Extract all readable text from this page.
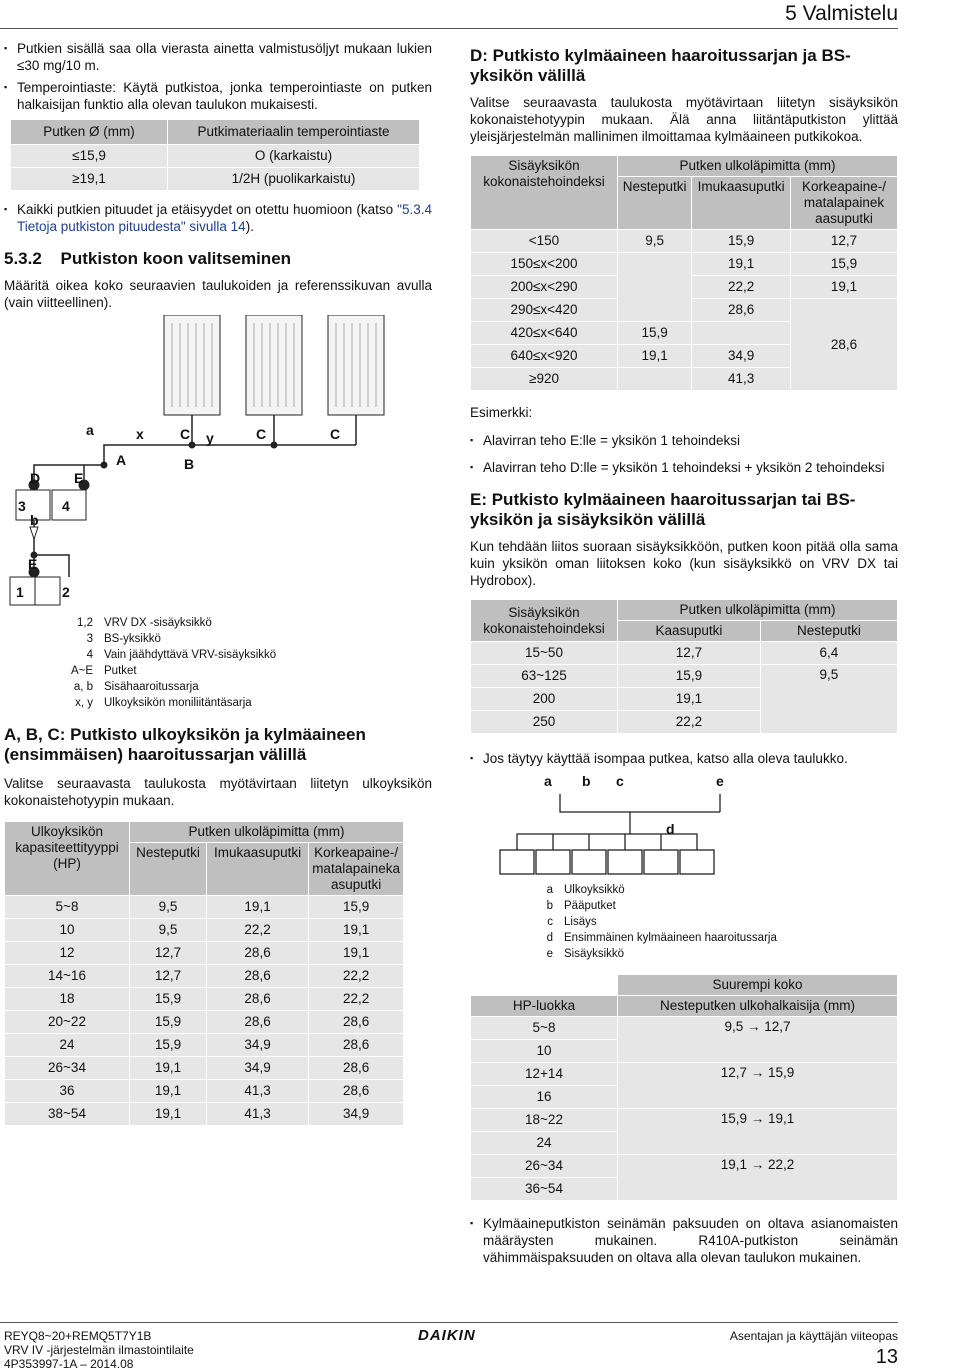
5 Valmistelu
▪ Putkien sisällä saa olla vierasta ainetta valmistusöljyt mukaan lukien ≤30 mg/10 m.
▪ Temperointiaste: Käytä putkistoa, jonka temperointiaste on putken halkaisijan funktio alla olevan taulukon mukaisesti.
Putken Ø (mm)	Putkimateriaalin temperointiaste
≤15,9	O (karkaistu)
≥19,1	1/2H (puolikarkaistu)
▪ Kaikki putkien pituudet ja etäisyydet on otettu huomioon (katso "5.3.4 Tietoja putkiston pituudesta" sivulla 14).
5.3.2 Putkiston koon valitseminen

Määritä oikea koko seuraavien taulukoiden ja referenssikuvan avulla (vain viitteellinen).

a	x	y
C	C	C
A	B
D E
3	4
b
E
1	2
1,2	VRV DX -sisäyksikkö
3	BS-yksikkö
4	Vain jäähdyttävä VRV-sisäyksikkö
A~E	Putket
a, b	Sisähaaroitussarja
x, y	Ulkoyksikön moniliitäntäsarja
A, B, C: Putkisto ulkoyksikön ja kylmäaineen (ensimmäisen) haaroitussarjan välillä

Valitse seuraavasta taulukosta myötävirtaan liitetyn ulkoyksikön kokonaistehotyypin mukaan.

Ulkoyksikön kapasiteettityyppi (HP)	Putken ulkoläpimitta (mm)		
	Nesteputki	Imukaasuputki	Korkeapaine-/ matalapaineka asuputki
5~8	9,5	19,1	15,9
10	9,5	22,2	19,1
12	12,7	28,6	19,1
14~16	12,7	28,6	22,2
18	15,9	28,6	22,2
20~22	15,9	28,6	28,6
24	15,9	34,9	28,6
26~34	19,1	34,9	28,6
36	19,1	41,3	28,6
38~54	19,1	41,3	34,9
D: Putkisto kylmäaineen haaroitussarjan ja BS-yksikön välillä

Valitse seuraavasta taulukosta myötävirtaan liitetyn sisäyksikön kokonaistehotyypin mukaan. Älä anna liitäntäputkiston ylittää yleisjärjestelmän mallinimen ilmoittamaa kylmäaineen putkikokoa.

Sisäyksikön kokonaistehoindeksi	Putken ulkoläpimitta (mm)		
	Nesteputki	Imukaasuputki	Korkeapaine-/ matalapainek aasuputki
<150	9,5	15,9	12,7
150≤x<200		19,1	15,9
200≤x<290		22,2	19,1
290≤x<420		28,6	28,6
420≤x<640	15,9		
640≤x<920	19,1	34,9	
≥920		41,3	
Esimerkki:
▪ Alavirran teho E:lle = yksikön 1 tehoindeksi
▪ Alavirran teho D:lle = yksikön 1 tehoindeksi + yksikön 2 tehoindeksi
E: Putkisto kylmäaineen haaroitussarjan tai BS-yksikön ja sisäyksikön välillä

Kun tehdään liitos suoraan sisäyksikköön, putken koon pitää olla sama kuin yksikön oman liitoksen koko (kun sisäyksikkö on VRV DX tai Hydrobox).

Sisäyksikön kokonaistehoindeksi	Putken ulkoläpimitta (mm)	
	Kaasuputki	Nesteputki
15~50	12,7	6,4
63~125	15,9	9,5
200	19,1	
250	22,2	
▪ Jos täytyy käyttää isompaa putkea, katso alla oleva taulukko.
a b c	e
d
a	Ulkoyksikkö
b	Pääputket
c	Lisäys
d	Ensimmäinen kylmäaineen haaroitussarja
e	Sisäyksikkö
	Suurempi koko
HP-luokka	Nesteputken ulkohalkaisija (mm)
5~8	9,5 → 12,7
10	
12+14	12,7 → 15,9
16	
18~22	15,9 → 19,1
24	
26~34	19,1 → 22,2
36~54	
▪ Kylmäaineputkiston seinämän paksuuden on oltava asianomaisten määräysten mukainen. R410A-putkiston seinämän vähimmäispaksuuden on oltava alla olevan taulukon mukainen.
REYQ8~20+REMQ5T7Y1B
VRV IV -järjestelmän ilmastointilaite
4P353997-1A – 2014.08
DAIKIN	Asentajan ja käyttäjän viiteopas
13
